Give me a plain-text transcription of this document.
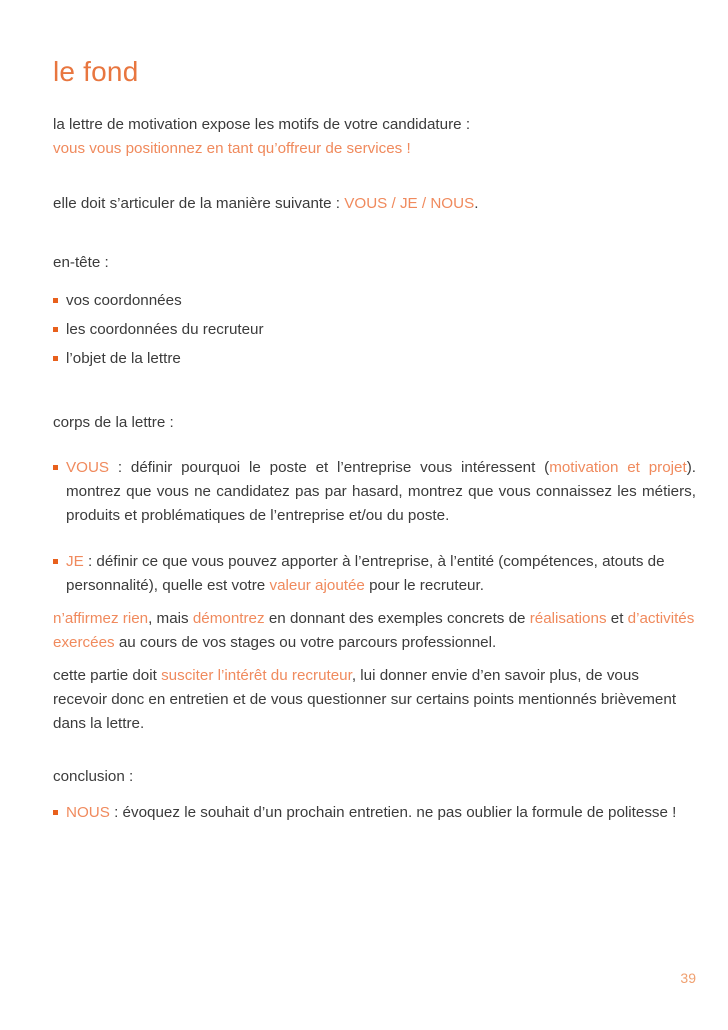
le fond

la lettre de motivation expose les motifs de votre candidature :

vous vous positionnez en tant qu’offreur de services !

elle doit s’articuler de la manière suivante : VOUS / JE / NOUS.

en-tête :

vos coordonnées
les coordonnées du recruteur
l’objet de la lettre

corps de la lettre :

VOUS : définir pourquoi le poste et l’entreprise vous intéressent (motivation et projet). montrez que vous ne candidatez pas par hasard, montrez que vous connaissez les métiers, produits et problématiques de l’entreprise et/ou du poste.

JE : définir ce que vous pouvez apporter à l’entreprise, à l’entité (compétences, atouts de personnalité), quelle est votre valeur ajoutée pour le recruteur.

n’affirmez rien, mais démontrez en donnant des exemples concrets de réalisations et d’activités exercées au cours de vos stages ou votre parcours professionnel.

cette partie doit susciter l’intérêt du recruteur, lui donner envie d’en savoir plus, de vous recevoir donc en entretien et de vous questionner sur certains points mentionnés brièvement dans la lettre.

conclusion :

NOUS : évoquez le souhait d’un prochain entretien. ne pas oublier la formule de politesse !

39
